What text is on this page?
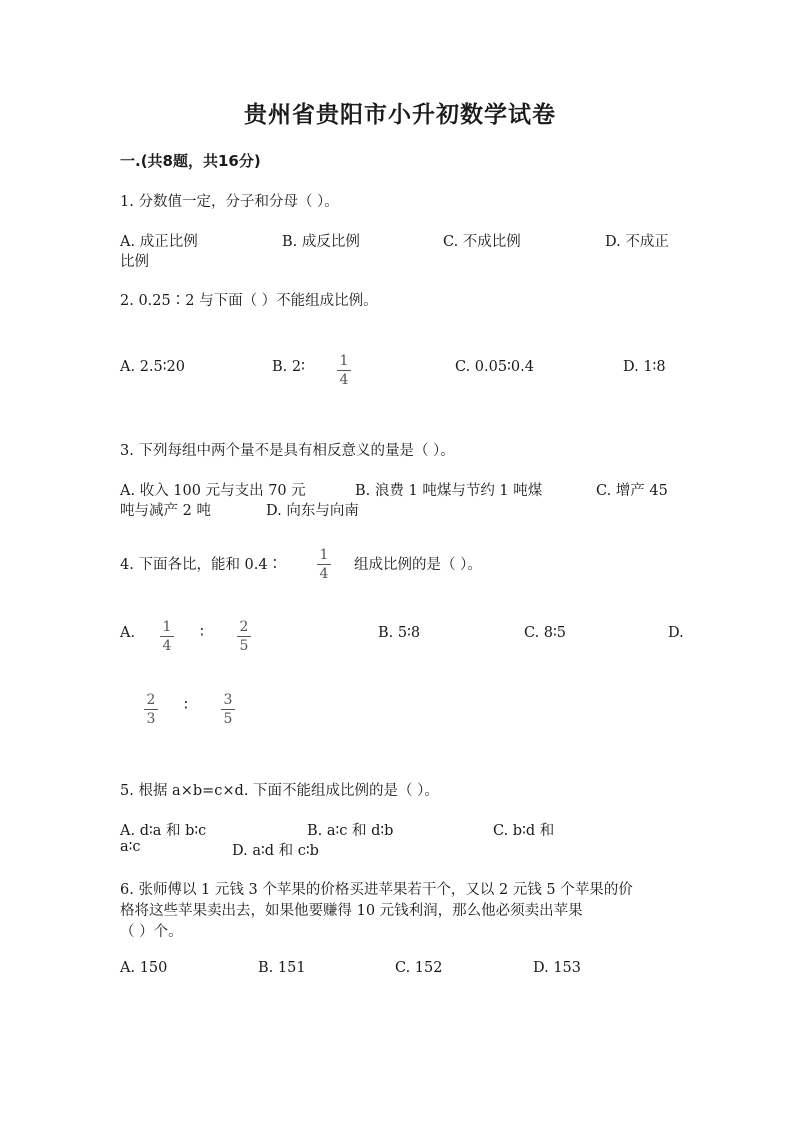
贵州省贵阳市小升初数学试卷
一.(共8题，共16分)
1. 分数值一定，分子和分母（ ）。
A. 成正比例	B. 成反比例	C. 不成比例	D. 不成正
比例
2. 0.25∶2 与下面（ ）不能组成比例。
A. 2.5∶20	B. 2∶ $\frac{1}{4}$	C. 0.05∶0.4	D. 1∶8
3. 下列每组中两个量不是具有相反意义的量是（ ）。
A. 收入 100 元与支出 70 元	B. 浪费 1 吨煤与节约 1 吨煤	C. 增产 45
吨与减产 2 吨	D. 向东与向南
4. 下面各比，能和 0.4∶ $\frac{1}{4}$ 组成比例的是（ ）。
A. $\frac{1}{4}$ ∶ $\frac{2}{5}$	B. 5∶8	C. 8∶5	D.
$\frac{2}{3}$ ∶ $\frac{3}{5}$
5. 根据 a×b=c×d. 下面不能组成比例的是（ ）。
A. d∶a 和 b∶c	B. a∶c 和 d∶b	C. b∶d 和
a∶c	D. a∶d 和 c∶b
6. 张师傅以 1 元钱 3 个苹果的价格买进苹果若干个，又以 2 元钱 5 个苹果的价
格将这些苹果卖出去，如果他要赚得 10 元钱利润，那么他必须卖出苹果
（ ）个。
A. 150	B. 151	C. 152	D. 153
